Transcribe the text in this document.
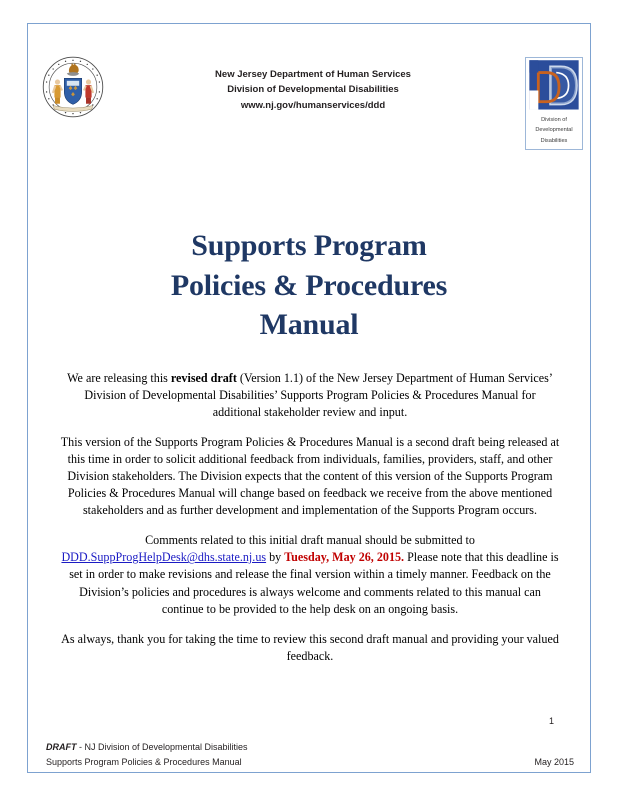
New Jersey Department of Human Services
Division of Developmental Disabilities
www.nj.gov/humanservices/ddd
Division of
Developmental
Disabilities
Supports Program
Policies & Procedures
Manual

We are releasing this revised draft (Version 1.1) of the New Jersey Department of Human Services’ Division of Developmental Disabilities’ Supports Program Policies & Procedures Manual for additional stakeholder review and input.

This version of the Supports Program Policies & Procedures Manual is a second draft being released at this time in order to solicit additional feedback from individuals, families, providers, staff, and other Division stakeholders. The Division expects that the content of this version of the Supports Program Policies & Procedures Manual will change based on feedback we receive from the above mentioned stakeholders and as further development and implementation of the Supports Program occurs.

Comments related to this initial draft manual should be submitted to DDD.SuppProgHelpDesk@dhs.state.nj.us by Tuesday, May 26, 2015. Please note that this deadline is set in order to make revisions and release the final version within a timely manner. Feedback on the Division’s policies and procedures is always welcome and comments related to this manual can continue to be provided to the help desk on an ongoing basis.

As always, thank you for taking the time to review this second draft manual and providing your valued feedback.

1
DRAFT - NJ Division of Developmental Disabilities
Supports Program Policies & Procedures Manual	May 2015
